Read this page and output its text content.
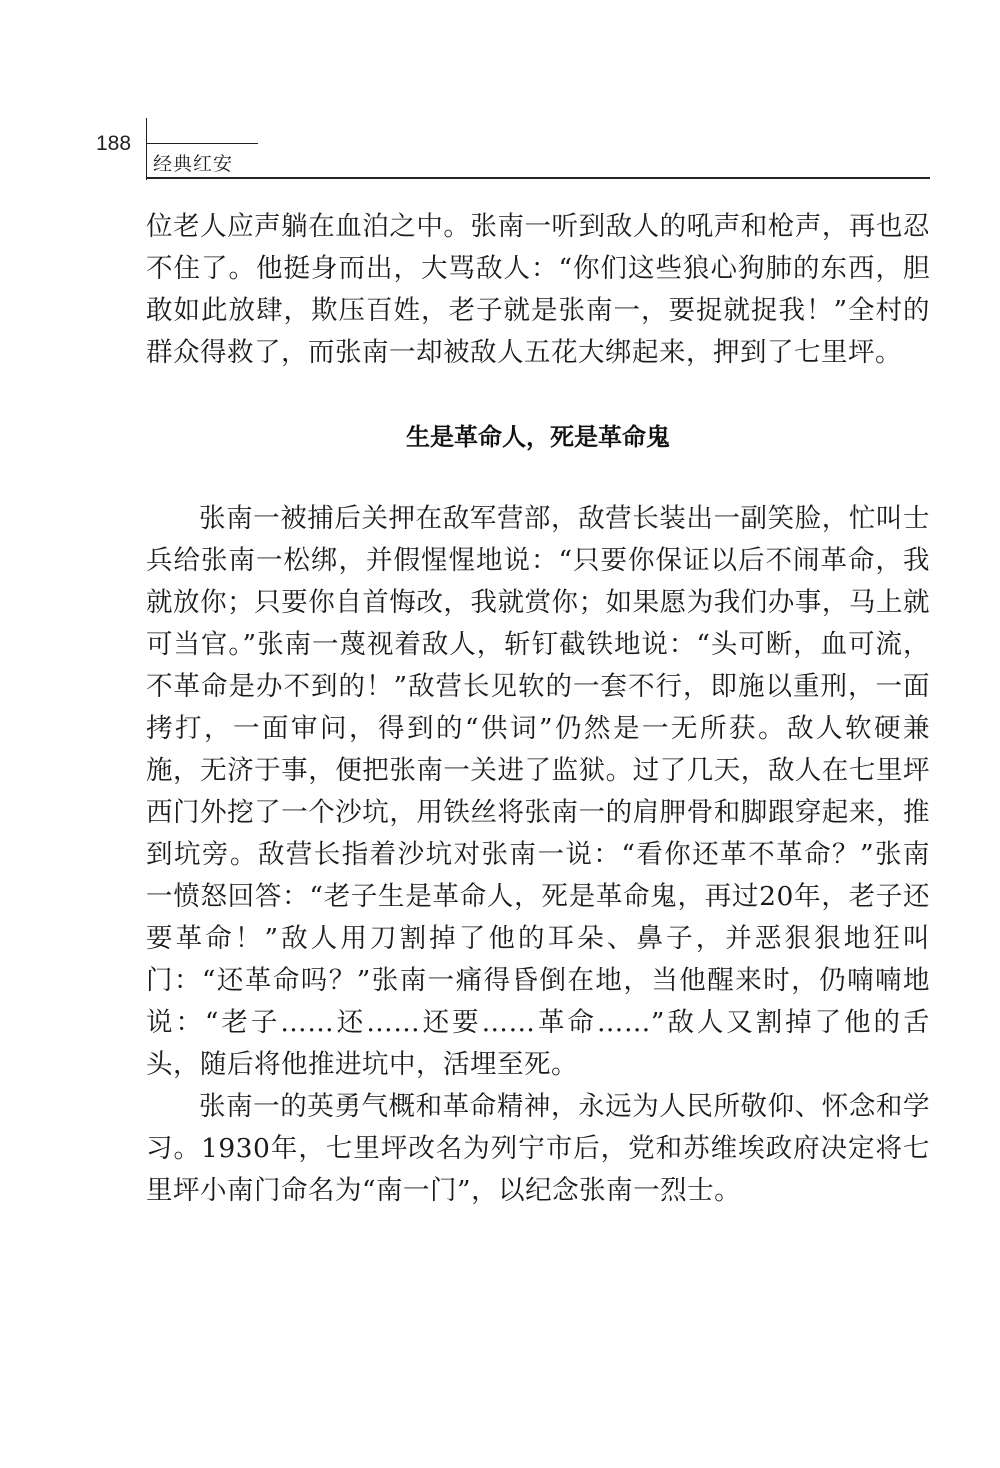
188
经典红安

位老人应声躺在血泊之中。张南一听到敌人的吼声和枪声，再也忍不住了。他挺身而出，大骂敌人：“你们这些狼心狗肺的东西，胆敢如此放肆，欺压百姓，老子就是张南一，要捉就捉我！”全村的群众得救了，而张南一却被敌人五花大绑起来，押到了七里坪。

生是革命人，死是革命鬼

张南一被捕后关押在敌军营部，敌营长装出一副笑脸，忙叫士兵给张南一松绑，并假惺惺地说：“只要你保证以后不闹革命，我就放你；只要你自首悔改，我就赏你；如果愿为我们办事，马上就可当官。”张南一蔑视着敌人，斩钉截铁地说：“头可断，血可流，不革命是办不到的！”敌营长见软的一套不行，即施以重刑，一面拷打，一面审问，得到的“供词”仍然是一无所获。敌人软硬兼施，无济于事，便把张南一关进了监狱。过了几天，敌人在七里坪西门外挖了一个沙坑，用铁丝将张南一的肩胛骨和脚跟穿起来，推到坑旁。敌营长指着沙坑对张南一说：“看你还革不革命？”张南一愤怒回答：“老子生是革命人，死是革命鬼，再过20年，老子还要革命！”敌人用刀割掉了他的耳朵、鼻子，并恶狠狠地狂叫门：“还革命吗？”张南一痛得昏倒在地，当他醒来时，仍喃喃地说：“老子……还……还要……革命……”敌人又割掉了他的舌头，随后将他推进坑中，活埋至死。

张南一的英勇气概和革命精神，永远为人民所敬仰、怀念和学习。1930年，七里坪改名为列宁市后，党和苏维埃政府决定将七里坪小南门命名为“南一门”，以纪念张南一烈士。
